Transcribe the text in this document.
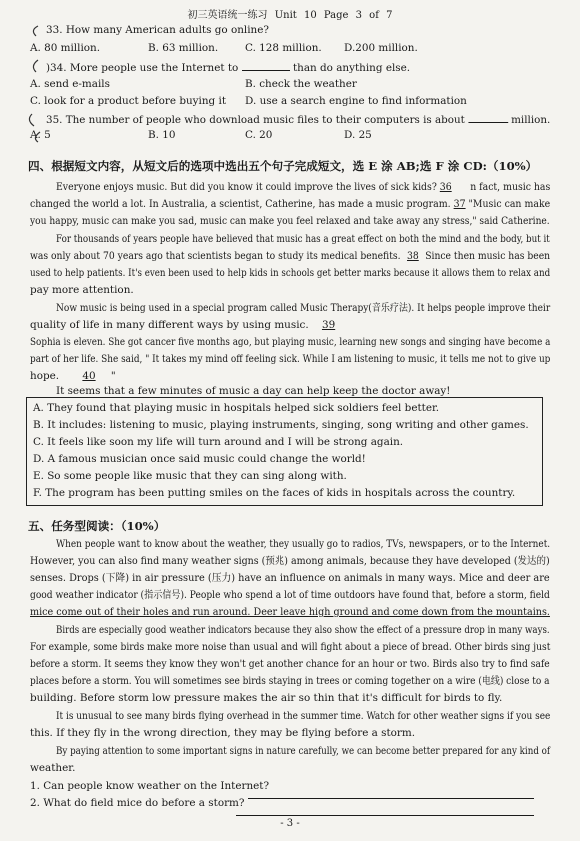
初三英语统一练习 Unit 10 Page 3 of 7
33. How many American adults go online?
A. 80 million.	B. 63 million.	C. 128 million. D.200 million.
)34. More people use the Internet to	than do anything else.
A. send e-mails	B. check the weather
C. look for a product before buying it D. use a search engine to find information
35. The number of people who download music files to their computers is about	million.
A. 5	B. 10	C. 20	D. 25
四、根据短文内容，从短文后的选项中选出五个句子完成短文，选 E 涂 AB;选 F 涂 CD:（10%）
Everyone enjoys music. But did you know it could improve the lives of sick kids? 36 n fact, music has
changed the world a lot. In Australia, a scientist, Catherine, has made a music program. 37 "Music can make
you happy, music can make you sad, music can make you feel relaxed and take away any stress," said Catherine.
For thousands of years people have believed that music has a great effect on both the mind and the body, but it
was only about 70 years ago that scientists began to study its medical benefits. 38 Since then music has been
used to help patients. It's even been used to help kids in schools get better marks because it allows them to relax and
pay more attention.
Now music is being used in a special program called Music Therapy(音乐疗法). It helps people improve their
quality of life in many different ways by using music. 39
Sophia is eleven. She got cancer five months ago, but playing music, learning new songs and singing have become a
part of her life. She said, " It takes my mind off feeling sick. While I am listening to music, it tells me not to give up
hope. 40 "
It seems that a few minutes of music a day can help keep the doctor away!
A. They found that playing music in hospitals helped sick soldiers feel better.
B. It includes: listening to music, playing instruments, singing, song writing and other games.
C. It feels like soon my life will turn around and I will be strong again.
D. A famous musician once said music could change the world!
E. So some people like music that they can sing along with.
F. The program has been putting smiles on the faces of kids in hospitals across the country.
五、任务型阅读：（10%）
When people want to know about the weather, they usually go to radios, TVs, newspapers, or to the Internet.
However, you can also find many weather signs (预兆) among animals, because they have developed (发达的)
senses. Drops (下降) in air pressure (压力) have an influence on animals in many ways. Mice and deer are
good weather indicator (指示信号). People who spend a lot of time outdoors have found that, before a storm, field
mice come out of their holes and run around. Deer leave high ground and come down from the mountains.
Birds are especially good weather indicators because they also show the effect of a pressure drop in many ways.
For example, some birds make more noise than usual and will fight about a piece of bread. Other birds sing just
before a storm. It seems they know they won't get another chance for an hour or two. Birds also try to find safe
places before a storm. You will sometimes see birds staying in trees or coming together on a wire (电线) close to a
building. Before storm low pressure makes the air so thin that it's difficult for birds to fly.
It is unusual to see many birds flying overhead in the summer time. Watch for other weather signs if you see
this. If they fly in the wrong direction, they may be flying before a storm.
By paying attention to some important signs in nature carefully, we can become better prepared for any kind of
weather.
1. Can people know weather on the Internet?
2. What do field mice do before a storm?
- 3 -
